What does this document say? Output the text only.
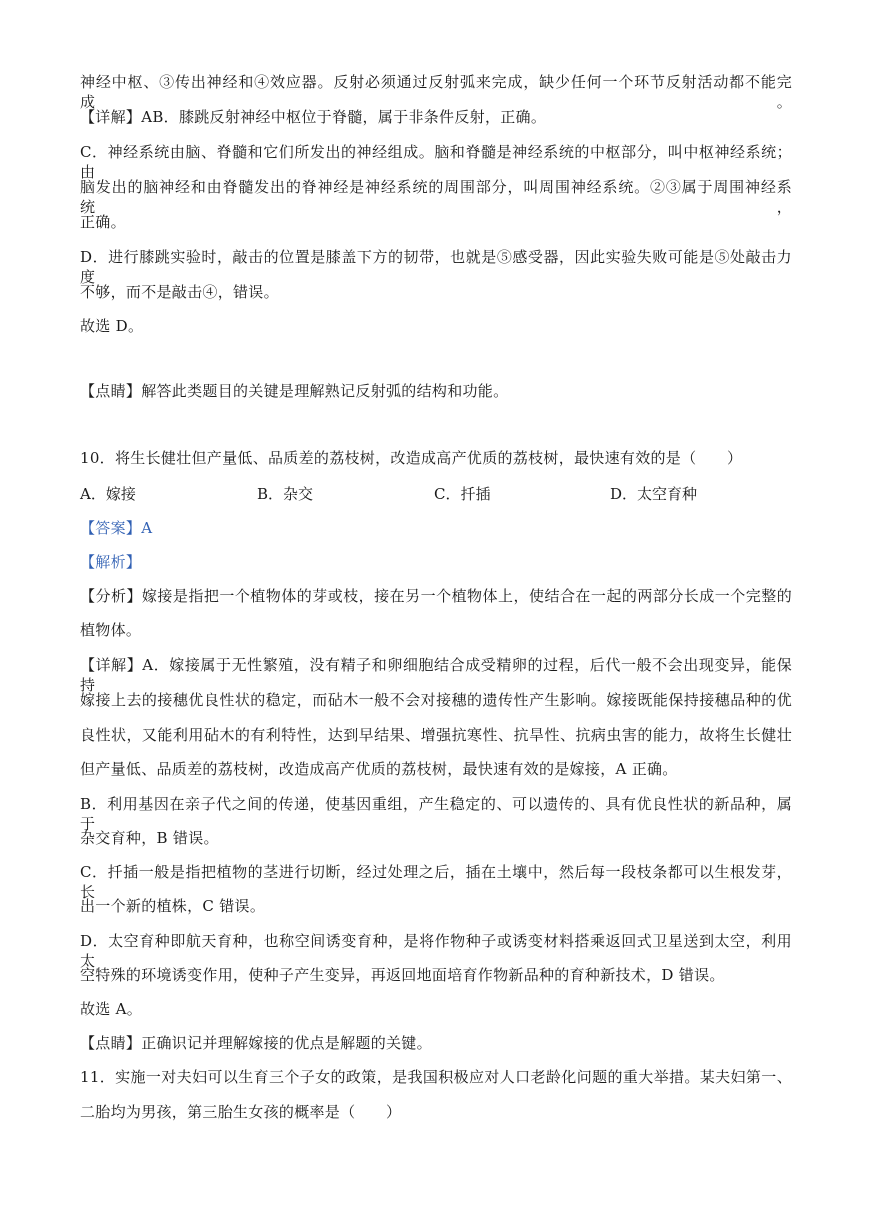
神经中枢、③传出神经和④效应器。反射必须通过反射弧来完成，缺少任何一个环节反射活动都不能完成。
【详解】AB．膝跳反射神经中枢位于脊髓，属于非条件反射，正确。
C．神经系统由脑、脊髓和它们所发出的神经组成。脑和脊髓是神经系统的中枢部分，叫中枢神经系统；由
脑发出的脑神经和由脊髓发出的脊神经是神经系统的周围部分，叫周围神经系统。②③属于周围神经系统，
正确。
D．进行膝跳实验时，敲击的位置是膝盖下方的韧带，也就是⑤感受器，因此实验失败可能是⑤处敲击力度
不够，而不是敲击④，错误。
故选 D。
【点睛】解答此类题目的关键是理解熟记反射弧的结构和功能。
10．将生长健壮但产量低、品质差的荔枝树，改造成高产优质的荔枝树，最快速有效的是（　　）
A．嫁接	B．杂交	C．扦插	D．太空育种
【答案】A
【解析】
【分析】嫁接是指把一个植物体的芽或枝，接在另一个植物体上，使结合在一起的两部分长成一个完整的
植物体。
【详解】A．嫁接属于无性繁殖，没有精子和卵细胞结合成受精卵的过程，后代一般不会出现变异，能保持
嫁接上去的接穗优良性状的稳定，而砧木一般不会对接穗的遗传性产生影响。嫁接既能保持接穗品种的优
良性状，又能利用砧木的有利特性，达到早结果、增强抗寒性、抗旱性、抗病虫害的能力，故将生长健壮
但产量低、品质差的荔枝树，改造成高产优质的荔枝树，最快速有效的是嫁接，A 正确。
B．利用基因在亲子代之间的传递，使基因重组，产生稳定的、可以遗传的、具有优良性状的新品种，属于
杂交育种，B 错误。
C．扦插一般是指把植物的茎进行切断，经过处理之后，插在土壤中，然后每一段枝条都可以生根发芽，长
出一个新的植株，C 错误。
D．太空育种即航天育种，也称空间诱变育种，是将作物种子或诱变材料搭乘返回式卫星送到太空，利用太
空特殊的环境诱变作用，使种子产生变异，再返回地面培育作物新品种的育种新技术，D 错误。
故选 A。
【点睛】正确识记并理解嫁接的优点是解题的关键。
11．实施一对夫妇可以生育三个子女的政策，是我国积极应对人口老龄化问题的重大举措。某夫妇第一、
二胎均为男孩，第三胎生女孩的概率是（　　）
